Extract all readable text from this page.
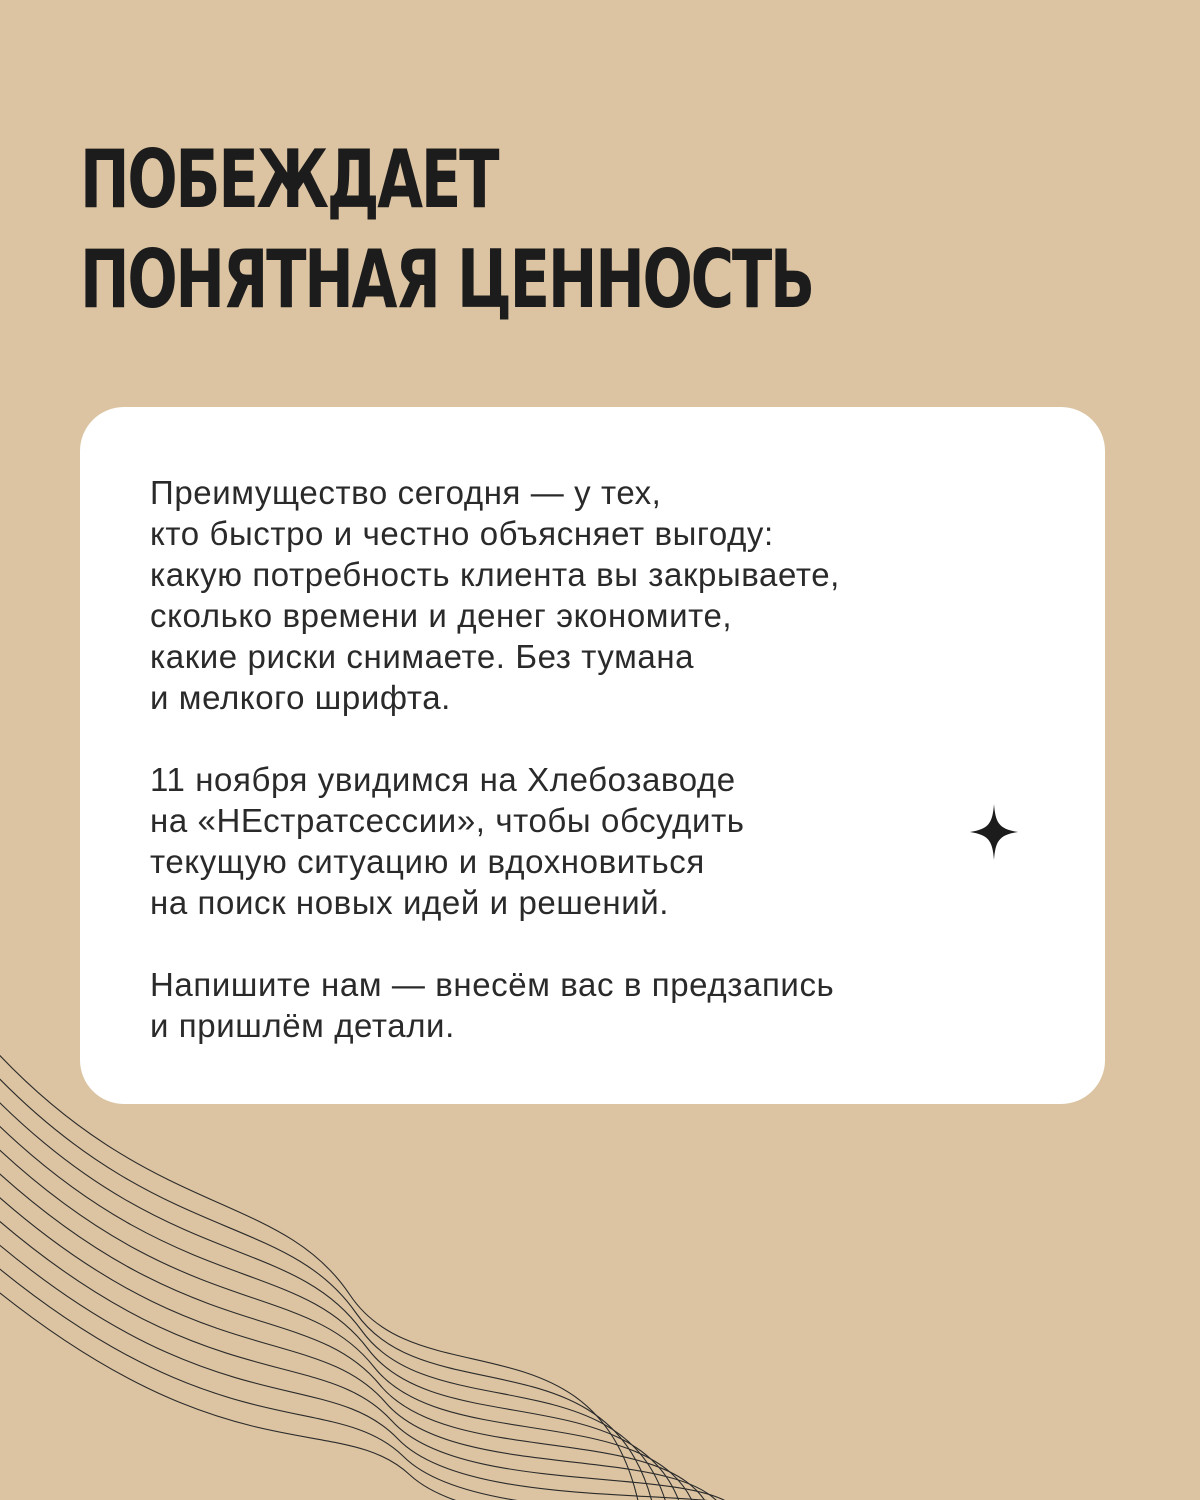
ПОБЕЖДАЕТ
ПОНЯТНАЯ ЦЕННОСТЬ

Преимущество сегодня — у тех,
кто быстро и честно объясняет выгоду:
какую потребность клиента вы закрываете,
сколько времени и денег экономите,
какие риски снимаете. Без тумана
и мелкого шрифта.

11 ноября увидимся на Хлебозаводе
на «НЕстратсессии», чтобы обсудить
текущую ситуацию и вдохновиться
на поиск новых идей и решений.

Напишите нам — внесём вас в предзапись
и пришлём детали.
